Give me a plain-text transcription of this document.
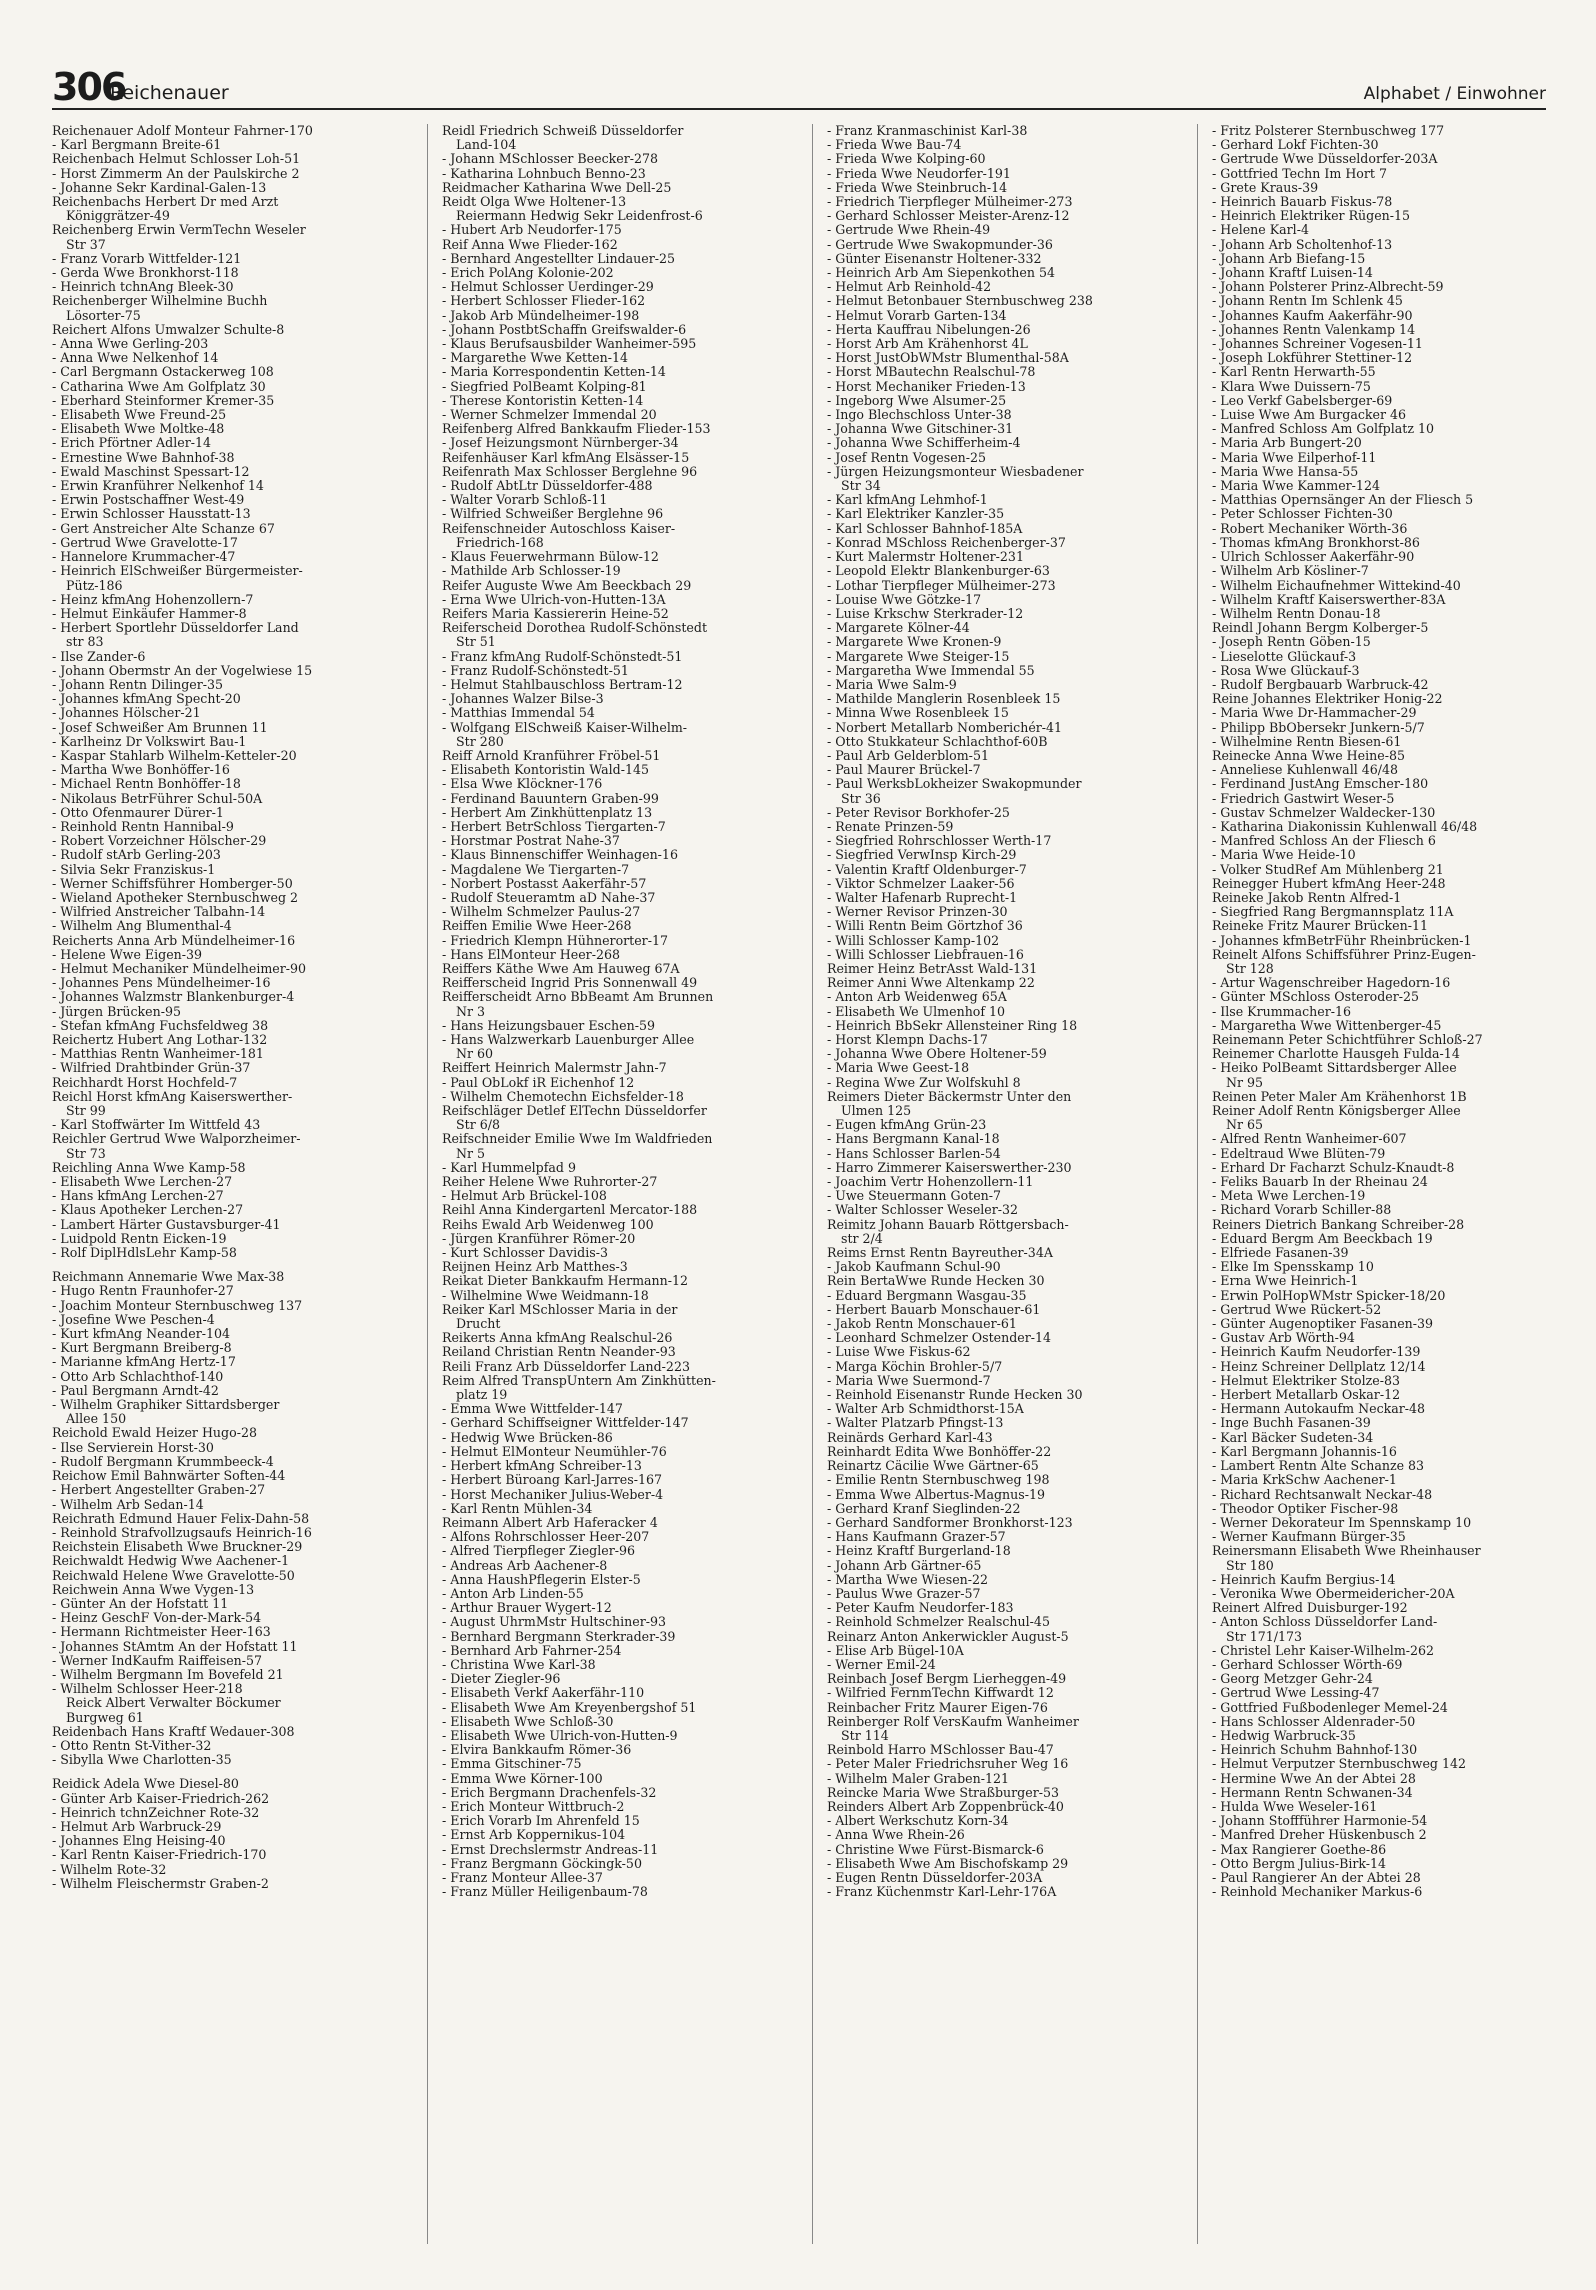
306
Reichenauer	Alphabet / Einwohner
Reichenauer Adolf Monteur Fahrner-170
- Karl Bergmann Breite-61
Reichenbach Helmut Schlosser Loh-51
- Horst Zimmerm An der Paulskirche 2
- Johanne Sekr Kardinal-Galen-13
Reichenbachs Herbert Dr med Arzt
Königgrätzer-49
Reichenberg Erwin VermTechn Weseler
Str 37
- Franz Vorarb Wittfelder-121
- Gerda Wwe Bronkhorst-118
- Heinrich tchnAng Bleek-30
Reichenberger Wilhelmine Buchh
Lösorter-75
Reichert Alfons Umwalzer Schulte-8
- Anna Wwe Gerling-203
- Anna Wwe Nelkenhof 14
- Carl Bergmann Ostackerweg 108
- Catharina Wwe Am Golfplatz 30
- Eberhard Steinformer Kremer-35
- Elisabeth Wwe Freund-25
- Elisabeth Wwe Moltke-48
- Erich Pförtner Adler-14
- Ernestine Wwe Bahnhof-38
- Ewald Maschinst Spessart-12
- Erwin Kranführer Nelkenhof 14
- Erwin Postschaffner West-49
- Erwin Schlosser Hausstatt-13
- Gert Anstreicher Alte Schanze 67
- Gertrud Wwe Gravelotte-17
- Hannelore Krummacher-47
- Heinrich ElSchweißer Bürgermeister-
Pütz-186
- Heinz kfmAng Hohenzollern-7
- Helmut Einkäufer Hammer-8
- Herbert Sportlehr Düsseldorfer Land
str 83
- Ilse Zander-6
- Johann Obermstr An der Vogelwiese 15
- Johann Rentn Dilinger-35
- Johannes kfmAng Specht-20
- Johannes Hölscher-21
- Josef Schweißer Am Brunnen 11
- Karlheinz Dr Volkswirt Bau-1
- Kaspar Stahlarb Wilhelm-Ketteler-20
- Martha Wwe Bonhöffer-16
- Michael Rentn Bonhöffer-18
- Nikolaus BetrFührer Schul-50A
- Otto Ofenmaurer Dürer-1
- Reinhold Rentn Hannibal-9
- Robert Vorzeichner Hölscher-29
- Rudolf stArb Gerling-203
- Silvia Sekr Franziskus-1
- Werner Schiffsführer Homberger-50
- Wieland Apotheker Sternbuschweg 2
- Wilfried Anstreicher Talbahn-14
- Wilhelm Ang Blumenthal-4
Reicherts Anna Arb Mündelheimer-16
- Helene Wwe Eigen-39
- Helmut Mechaniker Mündelheimer-90
- Johannes Pens Mündelheimer-16
- Johannes Walzmstr Blankenburger-4
- Jürgen Brücken-95
- Stefan kfmAng Fuchsfeldweg 38
Reichertz Hubert Ang Lothar-132
- Matthias Rentn Wanheimer-181
- Wilfried Drahtbinder Grün-37
Reichhardt Horst Hochfeld-7
Reichl Horst kfmAng Kaiserswerther-
Str 99
- Karl Stoffwärter Im Wittfeld 43
Reichler Gertrud Wwe Walporzheimer-
Str 73
Reichling Anna Wwe Kamp-58
- Elisabeth Wwe Lerchen-27
- Hans kfmAng Lerchen-27
- Klaus Apotheker Lerchen-27
- Lambert Härter Gustavsburger-41
- Luidpold Rentn Eicken-19
- Rolf DiplHdlsLehr Kamp-58
Reichmann Annemarie Wwe Max-38
- Hugo Rentn Fraunhofer-27
- Joachim Monteur Sternbuschweg 137
- Josefine Wwe Peschen-4
- Kurt kfmAng Neander-104
- Kurt Bergmann Breiberg-8
- Marianne kfmAng Hertz-17
- Otto Arb Schlachthof-140
- Paul Bergmann Arndt-42
- Wilhelm Graphiker Sittardsberger
Allee 150
Reichold Ewald Heizer Hugo-28
- Ilse Servierein Horst-30
- Rudolf Bergmann Krummbeeck-4
Reichow Emil Bahnwärter Soften-44
- Herbert Angestellter Graben-27
- Wilhelm Arb Sedan-14
Reichrath Edmund Hauer Felix-Dahn-58
- Reinhold Strafvollzugsaufs Heinrich-16
Reichstein Elisabeth Wwe Bruckner-29
Reichwaldt Hedwig Wwe Aachener-1
Reichwald Helene Wwe Gravelotte-50
Reichwein Anna Wwe Vygen-13
- Günter An der Hofstatt 11
- Heinz GeschF Von-der-Mark-54
- Hermann Richtmeister Heer-163
- Johannes StAmtm An der Hofstatt 11
- Werner IndKaufm Raiffeisen-57
- Wilhelm Bergmann Im Bovefeld 21
- Wilhelm Schlosser Heer-218
Reick Albert Verwalter Böckumer
Burgweg 61
Reidenbach Hans Kraftf Wedauer-308
- Otto Rentn St-Vither-32
- Sibylla Wwe Charlotten-35
Reidick Adela Wwe Diesel-80
- Günter Arb Kaiser-Friedrich-262
- Heinrich tchnZeichner Rote-32
- Helmut Arb Warbruck-29
- Johannes Elng Heising-40
- Karl Rentn Kaiser-Friedrich-170
- Wilhelm Rote-32
- Wilhelm Fleischermstr Graben-2
Reidl Friedrich Schweiß Düsseldorfer
Land-104
- Johann MSchlosser Beecker-278
- Katharina Lohnbuch Benno-23
Reidmacher Katharina Wwe Dell-25
Reidt Olga Wwe Holtener-13
Reiermann Hedwig Sekr Leidenfrost-6
- Hubert Arb Neudorfer-175
Reif Anna Wwe Flieder-162
- Bernhard Angestellter Lindauer-25
- Erich PolAng Kolonie-202
- Helmut Schlosser Uerdinger-29
- Herbert Schlosser Flieder-162
- Jakob Arb Mündelheimer-198
- Johann PostbtSchaffn Greifswalder-6
- Klaus Berufsausbilder Wanheimer-595
- Margarethe Wwe Ketten-14
- Maria Korrespondentin Ketten-14
- Siegfried PolBeamt Kolping-81
- Therese Kontoristin Ketten-14
- Werner Schmelzer Immendal 20
Reifenberg Alfred Bankkaufm Flieder-153
- Josef Heizungsmont Nürnberger-34
Reifenhäuser Karl kfmAng Elsässer-15
Reifenrath Max Schlosser Berglehne 96
- Rudolf AbtLtr Düsseldorfer-488
- Walter Vorarb Schloß-11
- Wilfried Schweißer Berglehne 96
Reifenschneider Autoschloss Kaiser-
Friedrich-168
- Klaus Feuerwehrmann Bülow-12
- Mathilde Arb Schlosser-19
Reifer Auguste Wwe Am Beeckbach 29
- Erna Wwe Ulrich-von-Hutten-13A
Reifers Maria Kassiererin Heine-52
Reiferscheid Dorothea Rudolf-Schönstedt
Str 51
- Franz kfmAng Rudolf-Schönstedt-51
- Franz Rudolf-Schönstedt-51
- Helmut Stahlbauschloss Bertram-12
- Johannes Walzer Bilse-3
- Matthias Immendal 54
- Wolfgang ElSchweiß Kaiser-Wilhelm-
Str 280
Reiff Arnold Kranführer Fröbel-51
- Elisabeth Kontoristin Wald-145
- Elsa Wwe Klöckner-176
- Ferdinand Bauuntern Graben-99
- Herbert Am Zinkhüttenplatz 13
- Herbert BetrSchloss Tiergarten-7
- Horstmar Postrat Nahe-37
- Klaus Binnenschiffer Weinhagen-16
- Magdalene We Tiergarten-7
- Norbert Postasst Aakerfähr-57
- Rudolf Steueramtm aD Nahe-37
- Wilhelm Schmelzer Paulus-27
Reiffen Emilie Wwe Heer-268
- Friedrich Klempn Hühnerorter-17
- Hans ElMonteur Heer-268
Reiffers Käthe Wwe Am Hauweg 67A
Reifferscheid Ingrid Pris Sonnenwall 49
Reifferscheidt Arno BbBeamt Am Brunnen
Nr 3
- Hans Heizungsbauer Eschen-59
- Hans Walzwerkarb Lauenburger Allee
Nr 60
Reiffert Heinrich Malermstr Jahn-7
- Paul ObLokf iR Eichenhof 12
- Wilhelm Chemotechn Eichsfelder-18
Reifschläger Detlef ElTechn Düsseldorfer
Str 6/8
Reifschneider Emilie Wwe Im Waldfrieden
Nr 5
- Karl Hummelpfad 9
Reiher Helene Wwe Ruhrorter-27
- Helmut Arb Brückel-108
Reihl Anna Kindergartenl Mercator-188
Reihs Ewald Arb Weidenweg 100
- Jürgen Kranführer Römer-20
- Kurt Schlosser Davidis-3
Reijnen Heinz Arb Matthes-3
Reikat Dieter Bankkaufm Hermann-12
- Wilhelmine Wwe Weidmann-18
Reiker Karl MSchlosser Maria in der
Drucht
Reikerts Anna kfmAng Realschul-26
Reiland Christian Rentn Neander-93
Reili Franz Arb Düsseldorfer Land-223
Reim Alfred TranspUntern Am Zinkhütten-
platz 19
- Emma Wwe Wittfelder-147
- Gerhard Schiffseigner Wittfelder-147
- Hedwig Wwe Brücken-86
- Helmut ElMonteur Neumühler-76
- Herbert kfmAng Schreiber-13
- Herbert Büroang Karl-Jarres-167
- Horst Mechaniker Julius-Weber-4
- Karl Rentn Mühlen-34
Reimann Albert Arb Haferacker 4
- Alfons Rohrschlosser Heer-207
- Alfred Tierpfleger Ziegler-96
- Andreas Arb Aachener-8
- Anna HaushPflegerin Elster-5
- Anton Arb Linden-55
- Arthur Brauer Wygert-12
- August UhrmMstr Hultschiner-93
- Bernhard Bergmann Sterkrader-39
- Bernhard Arb Fahrner-254
- Christina Wwe Karl-38
- Dieter Ziegler-96
- Elisabeth Verkf Aakerfähr-110
- Elisabeth Wwe Am Kreyenbergshof 51
- Elisabeth Wwe Schloß-30
- Elisabeth Wwe Ulrich-von-Hutten-9
- Elvira Bankkaufm Römer-36
- Emma Gitschiner-75
- Emma Wwe Körner-100
- Erich Bergmann Drachenfels-32
- Erich Monteur Wittbruch-2
- Erich Vorarb Im Ahrenfeld 15
- Ernst Arb Koppernikus-104
- Ernst Drechslermstr Andreas-11
- Franz Bergmann Göckingk-50
- Franz Monteur Allee-37
- Franz Müller Heiligenbaum-78
- Franz Kranmaschinist Karl-38
- Frieda Wwe Bau-74
- Frieda Wwe Kolping-60
- Frieda Wwe Neudorfer-191
- Frieda Wwe Steinbruch-14
- Friedrich Tierpfleger Mülheimer-273
- Gerhard Schlosser Meister-Arenz-12
- Gertrude Wwe Rhein-49
- Gertrude Wwe Swakopmunder-36
- Günter Eisenanstr Holtener-332
- Heinrich Arb Am Siepenkothen 54
- Helmut Arb Reinhold-42
- Helmut Betonbauer Sternbuschweg 238
- Helmut Vorarb Garten-134
- Herta Kauffrau Nibelungen-26
- Horst Arb Am Krähenhorst 4L
- Horst JustObWMstr Blumenthal-58A
- Horst MBautechn Realschul-78
- Horst Mechaniker Frieden-13
- Ingeborg Wwe Alsumer-25
- Ingo Blechschloss Unter-38
- Johanna Wwe Gitschiner-31
- Johanna Wwe Schifferheim-4
- Josef Rentn Vogesen-25
- Jürgen Heizungsmonteur Wiesbadener
Str 34
- Karl kfmAng Lehmhof-1
- Karl Elektriker Kanzler-35
- Karl Schlosser Bahnhof-185A
- Konrad MSchloss Reichenberger-37
- Kurt Malermstr Holtener-231
- Leopold Elektr Blankenburger-63
- Lothar Tierpfleger Mülheimer-273
- Louise Wwe Götzke-17
- Luise Krkschw Sterkrader-12
- Margarete Kölner-44
- Margarete Wwe Kronen-9
- Margarete Wwe Steiger-15
- Margaretha Wwe Immendal 55
- Maria Wwe Salm-9
- Mathilde Manglerin Rosenbleek 15
- Minna Wwe Rosenbleek 15
- Norbert Metallarb Nomberichér-41
- Otto Stukkateur Schlachthof-60B
- Paul Arb Gelderblom-51
- Paul Maurer Brückel-7
- Paul WerksbLokheizer Swakopmunder
Str 36
- Peter Revisor Borkhofer-25
- Renate Prinzen-59
- Siegfried Rohrschlosser Werth-17
- Siegfried VerwInsp Kirch-29
- Valentin Kraftf Oldenburger-7
- Viktor Schmelzer Laaker-56
- Walter Hafenarb Ruprecht-1
- Werner Revisor Prinzen-30
- Willi Rentn Beim Görtzhof 36
- Willi Schlosser Kamp-102
- Willi Schlosser Liebfrauen-16
Reimer Heinz BetrAsst Wald-131
Reimer Anni Wwe Altenkamp 22
- Anton Arb Weidenweg 65A
- Elisabeth We Ulmenhof 10
- Heinrich BbSekr Allensteiner Ring 18
- Horst Klempn Dachs-17
- Johanna Wwe Obere Holtener-59
- Maria Wwe Geest-18
- Regina Wwe Zur Wolfskuhl 8
Reimers Dieter Bäckermstr Unter den
Ulmen 125
- Eugen kfmAng Grün-23
- Hans Bergmann Kanal-18
- Hans Schlosser Barlen-54
- Harro Zimmerer Kaiserswerther-230
- Joachim Vertr Hohenzollern-11
- Uwe Steuermann Goten-7
- Walter Schlosser Weseler-32
Reimitz Johann Bauarb Röttgersbach-
str 2/4
Reims Ernst Rentn Bayreuther-34A
- Jakob Kaufmann Schul-90
Rein BertaWwe Runde Hecken 30
- Eduard Bergmann Wasgau-35
- Herbert Bauarb Monschauer-61
- Jakob Rentn Monschauer-61
- Leonhard Schmelzer Ostender-14
- Luise Wwe Fiskus-62
- Marga Köchin Brohler-5/7
- Maria Wwe Suermond-7
- Reinhold Eisenanstr Runde Hecken 30
- Walter Arb Schmidthorst-15A
- Walter Platzarb Pfingst-13
Reinärds Gerhard Karl-43
Reinhardt Edita Wwe Bonhöffer-22
Reinartz Cäcilie Wwe Gärtner-65
- Emilie Rentn Sternbuschweg 198
- Emma Wwe Albertus-Magnus-19
- Gerhard Kranf Sieglinden-22
- Gerhard Sandformer Bronkhorst-123
- Hans Kaufmann Grazer-57
- Heinz Kraftf Burgerland-18
- Johann Arb Gärtner-65
- Martha Wwe Wiesen-22
- Paulus Wwe Grazer-57
- Peter Kaufm Neudorfer-183
- Reinhold Schmelzer Realschul-45
Reinarz Anton Ankerwickler August-5
- Elise Arb Bügel-10A
- Werner Emil-24
Reinbach Josef Bergm Lierheggen-49
- Wilfried FernmTechn Kiffwardt 12
Reinbacher Fritz Maurer Eigen-76
Reinberger Rolf VersKaufm Wanheimer
Str 114
Reinbold Harro MSchlosser Bau-47
- Peter Maler Friedrichsruher Weg 16
- Wilhelm Maler Graben-121
Reincke Maria Wwe Straßburger-53
Reinders Albert Arb Zoppenbrück-40
- Albert Werkschutz Korn-34
- Anna Wwe Rhein-26
- Christine Wwe Fürst-Bismarck-6
- Elisabeth Wwe Am Bischofskamp 29
- Eugen Rentn Düsseldorfer-203A
- Franz Küchenmstr Karl-Lehr-176A
- Fritz Polsterer Sternbuschweg 177
- Gerhard Lokf Fichten-30
- Gertrude Wwe Düsseldorfer-203A
- Gottfried Techn Im Hort 7
- Grete Kraus-39
- Heinrich Bauarb Fiskus-78
- Heinrich Elektriker Rügen-15
- Helene Karl-4
- Johann Arb Scholtenhof-13
- Johann Arb Biefang-15
- Johann Kraftf Luisen-14
- Johann Polsterer Prinz-Albrecht-59
- Johann Rentn Im Schlenk 45
- Johannes Kaufm Aakerfähr-90
- Johannes Rentn Valenkamp 14
- Johannes Schreiner Vogesen-11
- Joseph Lokführer Stettiner-12
- Karl Rentn Herwarth-55
- Klara Wwe Duissern-75
- Leo Verkf Gabelsberger-69
- Luise Wwe Am Burgacker 46
- Manfred Schloss Am Golfplatz 10
- Maria Arb Bungert-20
- Maria Wwe Eilperhof-11
- Maria Wwe Hansa-55
- Maria Wwe Kammer-124
- Matthias Opernsänger An der Fliesch 5
- Peter Schlosser Fichten-30
- Robert Mechaniker Wörth-36
- Thomas kfmAng Bronkhorst-86
- Ulrich Schlosser Aakerfähr-90
- Wilhelm Arb Kösliner-7
- Wilhelm Eichaufnehmer Wittekind-40
- Wilhelm Kraftf Kaiserswerther-83A
- Wilhelm Rentn Donau-18
Reindl Johann Bergm Kolberger-5
- Joseph Rentn Göben-15
- Lieselotte Glückauf-3
- Rosa Wwe Glückauf-3
- Rudolf Bergbauarb Warbruck-42
Reine Johannes Elektriker Honig-22
- Maria Wwe Dr-Hammacher-29
- Philipp BbObersekr Junkern-5/7
- Wilhelmine Rentn Biesen-61
Reinecke Anna Wwe Heine-85
- Anneliese Kuhlenwall 46/48
- Ferdinand JustAng Emscher-180
- Friedrich Gastwirt Weser-5
- Gustav Schmelzer Waldecker-130
- Katharina Diakonissin Kuhlenwall 46/48
- Manfred Schloss An der Fliesch 6
- Maria Wwe Heide-10
- Volker StudRef Am Mühlenberg 21
Reinegger Hubert kfmAng Heer-248
Reineke Jakob Rentn Alfred-1
- Siegfried Rang Bergmannsplatz 11A
Reineke Fritz Maurer Brücken-11
- Johannes kfmBetrFühr Rheinbrücken-1
Reinelt Alfons Schiffsführer Prinz-Eugen-
Str 128
- Artur Wagenschreiber Hagedorn-16
- Günter MSchloss Osteroder-25
- Ilse Krummacher-16
- Margaretha Wwe Wittenberger-45
Reinemann Peter Schichtführer Schloß-27
Reinemer Charlotte Hausgeh Fulda-14
- Heiko PolBeamt Sittardsberger Allee
Nr 95
Reinen Peter Maler Am Krähenhorst 1B
Reiner Adolf Rentn Königsberger Allee
Nr 65
- Alfred Rentn Wanheimer-607
- Edeltraud Wwe Blüten-79
- Erhard Dr Facharzt Schulz-Knaudt-8
- Feliks Bauarb In der Rheinau 24
- Meta Wwe Lerchen-19
- Richard Vorarb Schiller-88
Reiners Dietrich Bankang Schreiber-28
- Eduard Bergm Am Beeckbach 19
- Elfriede Fasanen-39
- Elke Im Spensskamp 10
- Erna Wwe Heinrich-1
- Erwin PolHopWMstr Spicker-18/20
- Gertrud Wwe Rückert-52
- Günter Augenoptiker Fasanen-39
- Gustav Arb Wörth-94
- Heinrich Kaufm Neudorfer-139
- Heinz Schreiner Dellplatz 12/14
- Helmut Elektriker Stolze-83
- Herbert Metallarb Oskar-12
- Hermann Autokaufm Neckar-48
- Inge Buchh Fasanen-39
- Karl Bäcker Sudeten-34
- Karl Bergmann Johannis-16
- Lambert Rentn Alte Schanze 83
- Maria KrkSchw Aachener-1
- Richard Rechtsanwalt Neckar-48
- Theodor Optiker Fischer-98
- Werner Dekorateur Im Spennskamp 10
- Werner Kaufmann Bürger-35
Reinersmann Elisabeth Wwe Rheinhauser
Str 180
- Heinrich Kaufm Bergius-14
- Veronika Wwe Obermeidericher-20A
Reinert Alfred Duisburger-192
- Anton Schloss Düsseldorfer Land-
Str 171/173
- Christel Lehr Kaiser-Wilhelm-262
- Gerhard Schlosser Wörth-69
- Georg Metzger Gehr-24
- Gertrud Wwe Lessing-47
- Gottfried Fußbodenleger Memel-24
- Hans Schlosser Aldenrader-50
- Hedwig Warbruck-35
- Heinrich Schuhm Bahnhof-130
- Helmut Verputzer Sternbuschweg 142
- Hermine Wwe An der Abtei 28
- Hermann Rentn Schwanen-34
- Hulda Wwe Weseler-161
- Johann Stoffführer Harmonie-54
- Manfred Dreher Hüskenbusch 2
- Max Rangierer Goethe-86
- Otto Bergm Julius-Birk-14
- Paul Rangierer An der Abtei 28
- Reinhold Mechaniker Markus-6
